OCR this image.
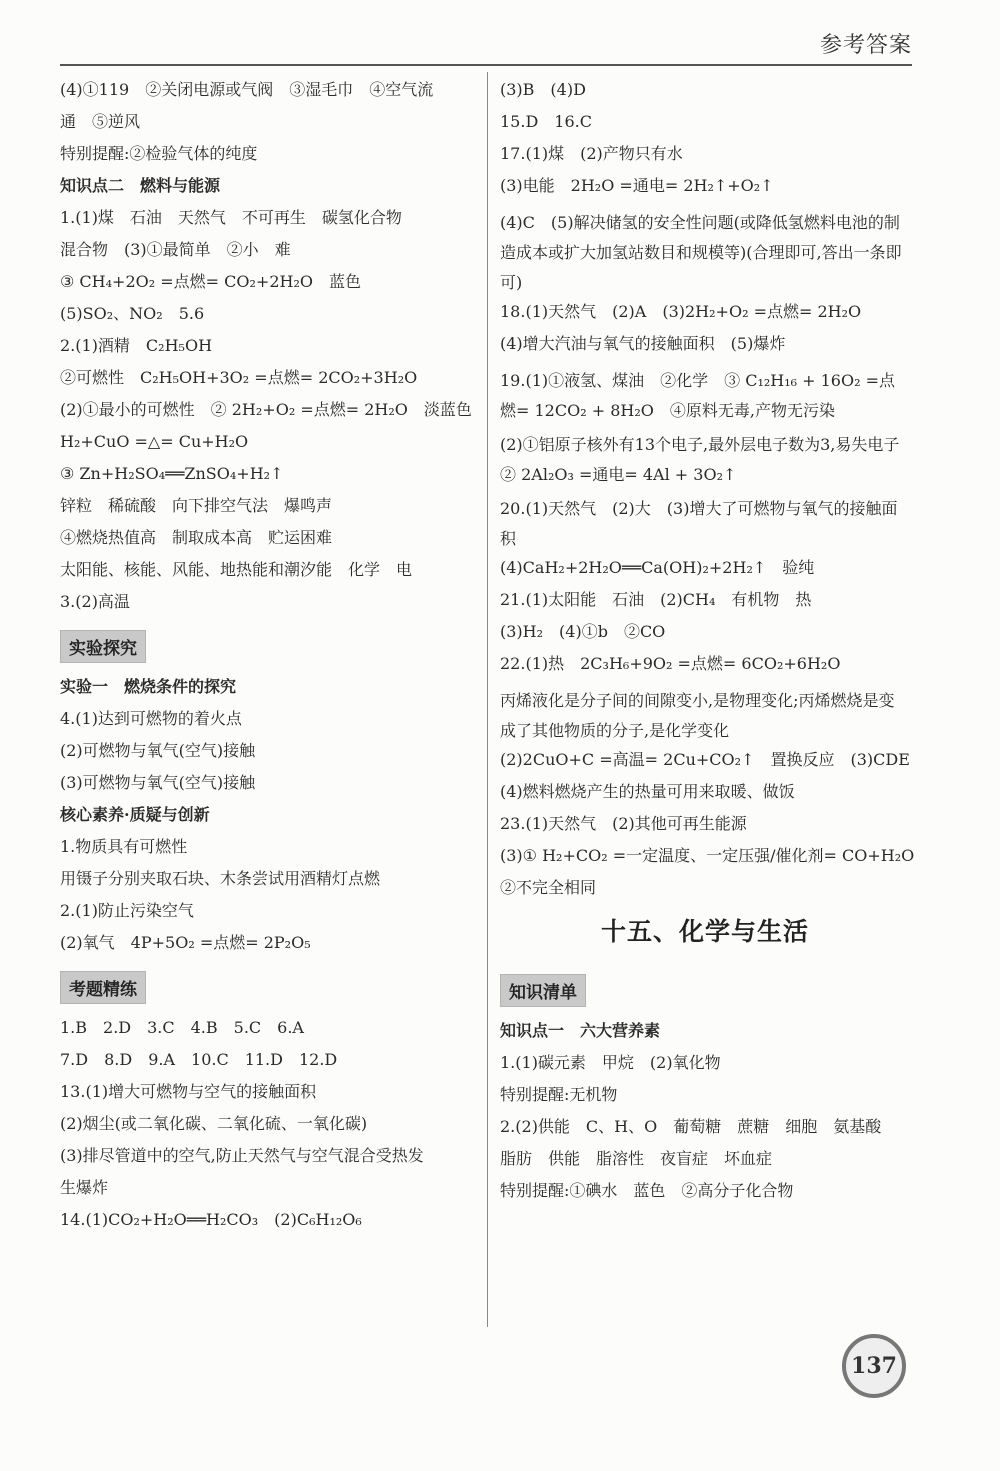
参考答案
(4)①119　②关闭电源或气阀　③湿毛巾　④空气流
通　⑤逆风
特别提醒:②检验气体的纯度
知识点二　燃料与能源
1.(1)煤　石油　天然气　不可再生　碳氢化合物
混合物　(3)①最简单　②小　难
③ CH₄+2O₂ =点燃= CO₂+2H₂O　蓝色
(5)SO₂、NO₂　5.6
2.(1)酒精　C₂H₅OH
②可燃性　C₂H₅OH+3O₂ =点燃= 2CO₂+3H₂O
(2)①最小的可燃性　② 2H₂+O₂ =点燃= 2H₂O　淡蓝色
H₂+CuO =△= Cu+H₂O
③ Zn+H₂SO₄══ZnSO₄+H₂↑
锌粒　稀硫酸　向下排空气法　爆鸣声
④燃烧热值高　制取成本高　贮运困难
太阳能、核能、风能、地热能和潮汐能　化学　电
3.(2)高温
实验探究
实验一　燃烧条件的探究
4.(1)达到可燃物的着火点
(2)可燃物与氧气(空气)接触
(3)可燃物与氧气(空气)接触
核心素养·质疑与创新
1.物质具有可燃性
用镊子分别夹取石块、木条尝试用酒精灯点燃
2.(1)防止污染空气
(2)氧气　4P+5O₂ =点燃= 2P₂O₅
考题精练
1.B　2.D　3.C　4.B　5.C　6.A
7.D　8.D　9.A　10.C　11.D　12.D
13.(1)增大可燃物与空气的接触面积
(2)烟尘(或二氧化碳、二氧化硫、一氧化碳)
(3)排尽管道中的空气,防止天然气与空气混合受热发
生爆炸
14.(1)CO₂+H₂O══H₂CO₃　(2)C₆H₁₂O₆
(3)B　(4)D
15.D　16.C
17.(1)煤　(2)产物只有水
(3)电能　2H₂O =通电= 2H₂↑+O₂↑
(4)C　(5)解决储氢的安全性问题(或降低氢燃料电池的制造成本或扩大加氢站数目和规模等)(合理即可,答出一条即可)
18.(1)天然气　(2)A　(3)2H₂+O₂ =点燃= 2H₂O
(4)增大汽油与氧气的接触面积　(5)爆炸
19.(1)①液氢、煤油　②化学　③ C₁₂H₁₆ + 16O₂ =点燃= 12CO₂ + 8H₂O　④原料无毒,产物无污染
(2)①铝原子核外有13个电子,最外层电子数为3,易失电子　② 2Al₂O₃ =通电= 4Al + 3O₂↑
20.(1)天然气　(2)大　(3)增大了可燃物与氧气的接触面积
(4)CaH₂+2H₂O══Ca(OH)₂+2H₂↑　验纯
21.(1)太阳能　石油　(2)CH₄　有机物　热
(3)H₂　(4)①b　②CO
22.(1)热　2C₃H₆+9O₂ =点燃= 6CO₂+6H₂O
丙烯液化是分子间的间隙变小,是物理变化;丙烯燃烧是变成了其他物质的分子,是化学变化
(2)2CuO+C =高温= 2Cu+CO₂↑　置换反应　(3)CDE
(4)燃料燃烧产生的热量可用来取暖、做饭
23.(1)天然气　(2)其他可再生能源
(3)① H₂+CO₂ =一定温度、一定压强/催化剂= CO+H₂O
②不完全相同
十五、化学与生活
知识清单
知识点一　六大营养素
1.(1)碳元素　甲烷　(2)氧化物
特别提醒:无机物
2.(2)供能　C、H、O　葡萄糖　蔗糖　细胞　氨基酸
脂肪　供能　脂溶性　夜盲症　坏血症
特别提醒:①碘水　蓝色　②高分子化合物
137
